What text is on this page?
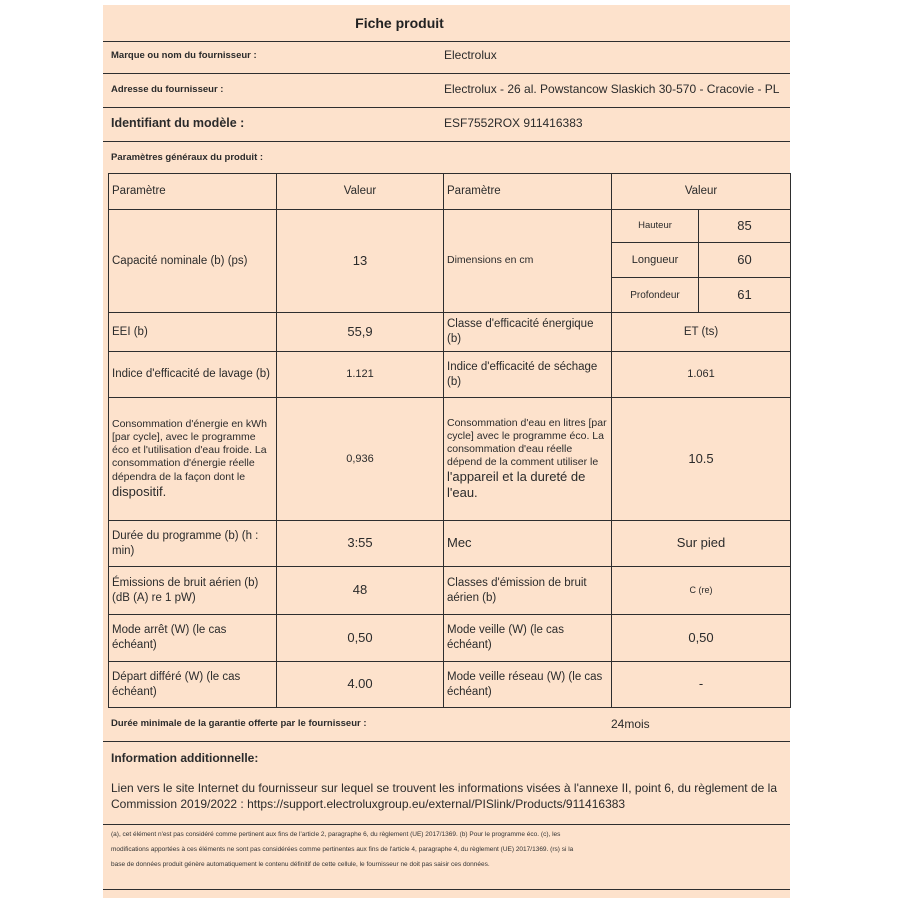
Fiche produit
Marque ou nom du fournisseur :	Electrolux
Adresse du fournisseur :	Electrolux - 26 al. Powstancow Slaskich 30-570 - Cracovie - PL
Identifiant du modèle :	ESF7552ROX 911416383
Paramètres généraux du produit :
Paramètre	Valeur	Paramètre	Valeur	
Capacité nominale (b) (ps)	13	Dimensions en cm	Hauteur	85
			Longueur	60
			Profondeur	61
EEI (b)	55,9	Classe d'efficacité énergique (b)	ET (ts)	
Indice d'efficacité de lavage (b)	1.121	Indice d'efficacité de séchage (b)	1.061	
Consommation d'énergie en kWh [par cycle], avec le programme éco et l'utilisation d'eau froide. La consommation d'énergie réelle dépendra de la façon dont le
dispositif.	0,936	Consommation d'eau en litres [par cycle] avec le programme éco. La consommation d'eau réelle dépend de la comment utiliser le
l'appareil et la dureté de l'eau.	10.5	
Durée du programme (b) (h : min)	3:55	Mec	Sur pied	
Émissions de bruit aérien (b) (dB (A) re 1 pW)	48	Classes d'émission de bruit aérien (b)	C (re)	
Mode arrêt (W) (le cas échéant)	0,50	Mode veille (W) (le cas échéant)	0,50	
Départ différé (W) (le cas échéant)	4.00	Mode veille réseau (W) (le cas échéant)	-	
Durée minimale de la garantie offerte par le fournisseur :	24mois
Information additionnelle:
Lien vers le site Internet du fournisseur sur lequel se trouvent les informations visées à l'annexe II, point 6, du règlement de la Commission 2019/2022 : https://support.electroluxgroup.eu/external/PISlink/Products/911416383
(a), cet élément n'est pas considéré comme pertinent aux fins de l'article 2, paragraphe 6, du règlement (UE) 2017/1369. (b) Pour le programme éco. (c), les
modifications apportées à ces éléments ne sont pas considérées comme pertinentes aux fins de l'article 4, paragraphe 4, du règlement (UE) 2017/1369. (rs) si la
base de données produit génère automatiquement le contenu définitif de cette cellule, le fournisseur ne doit pas saisir ces données.
